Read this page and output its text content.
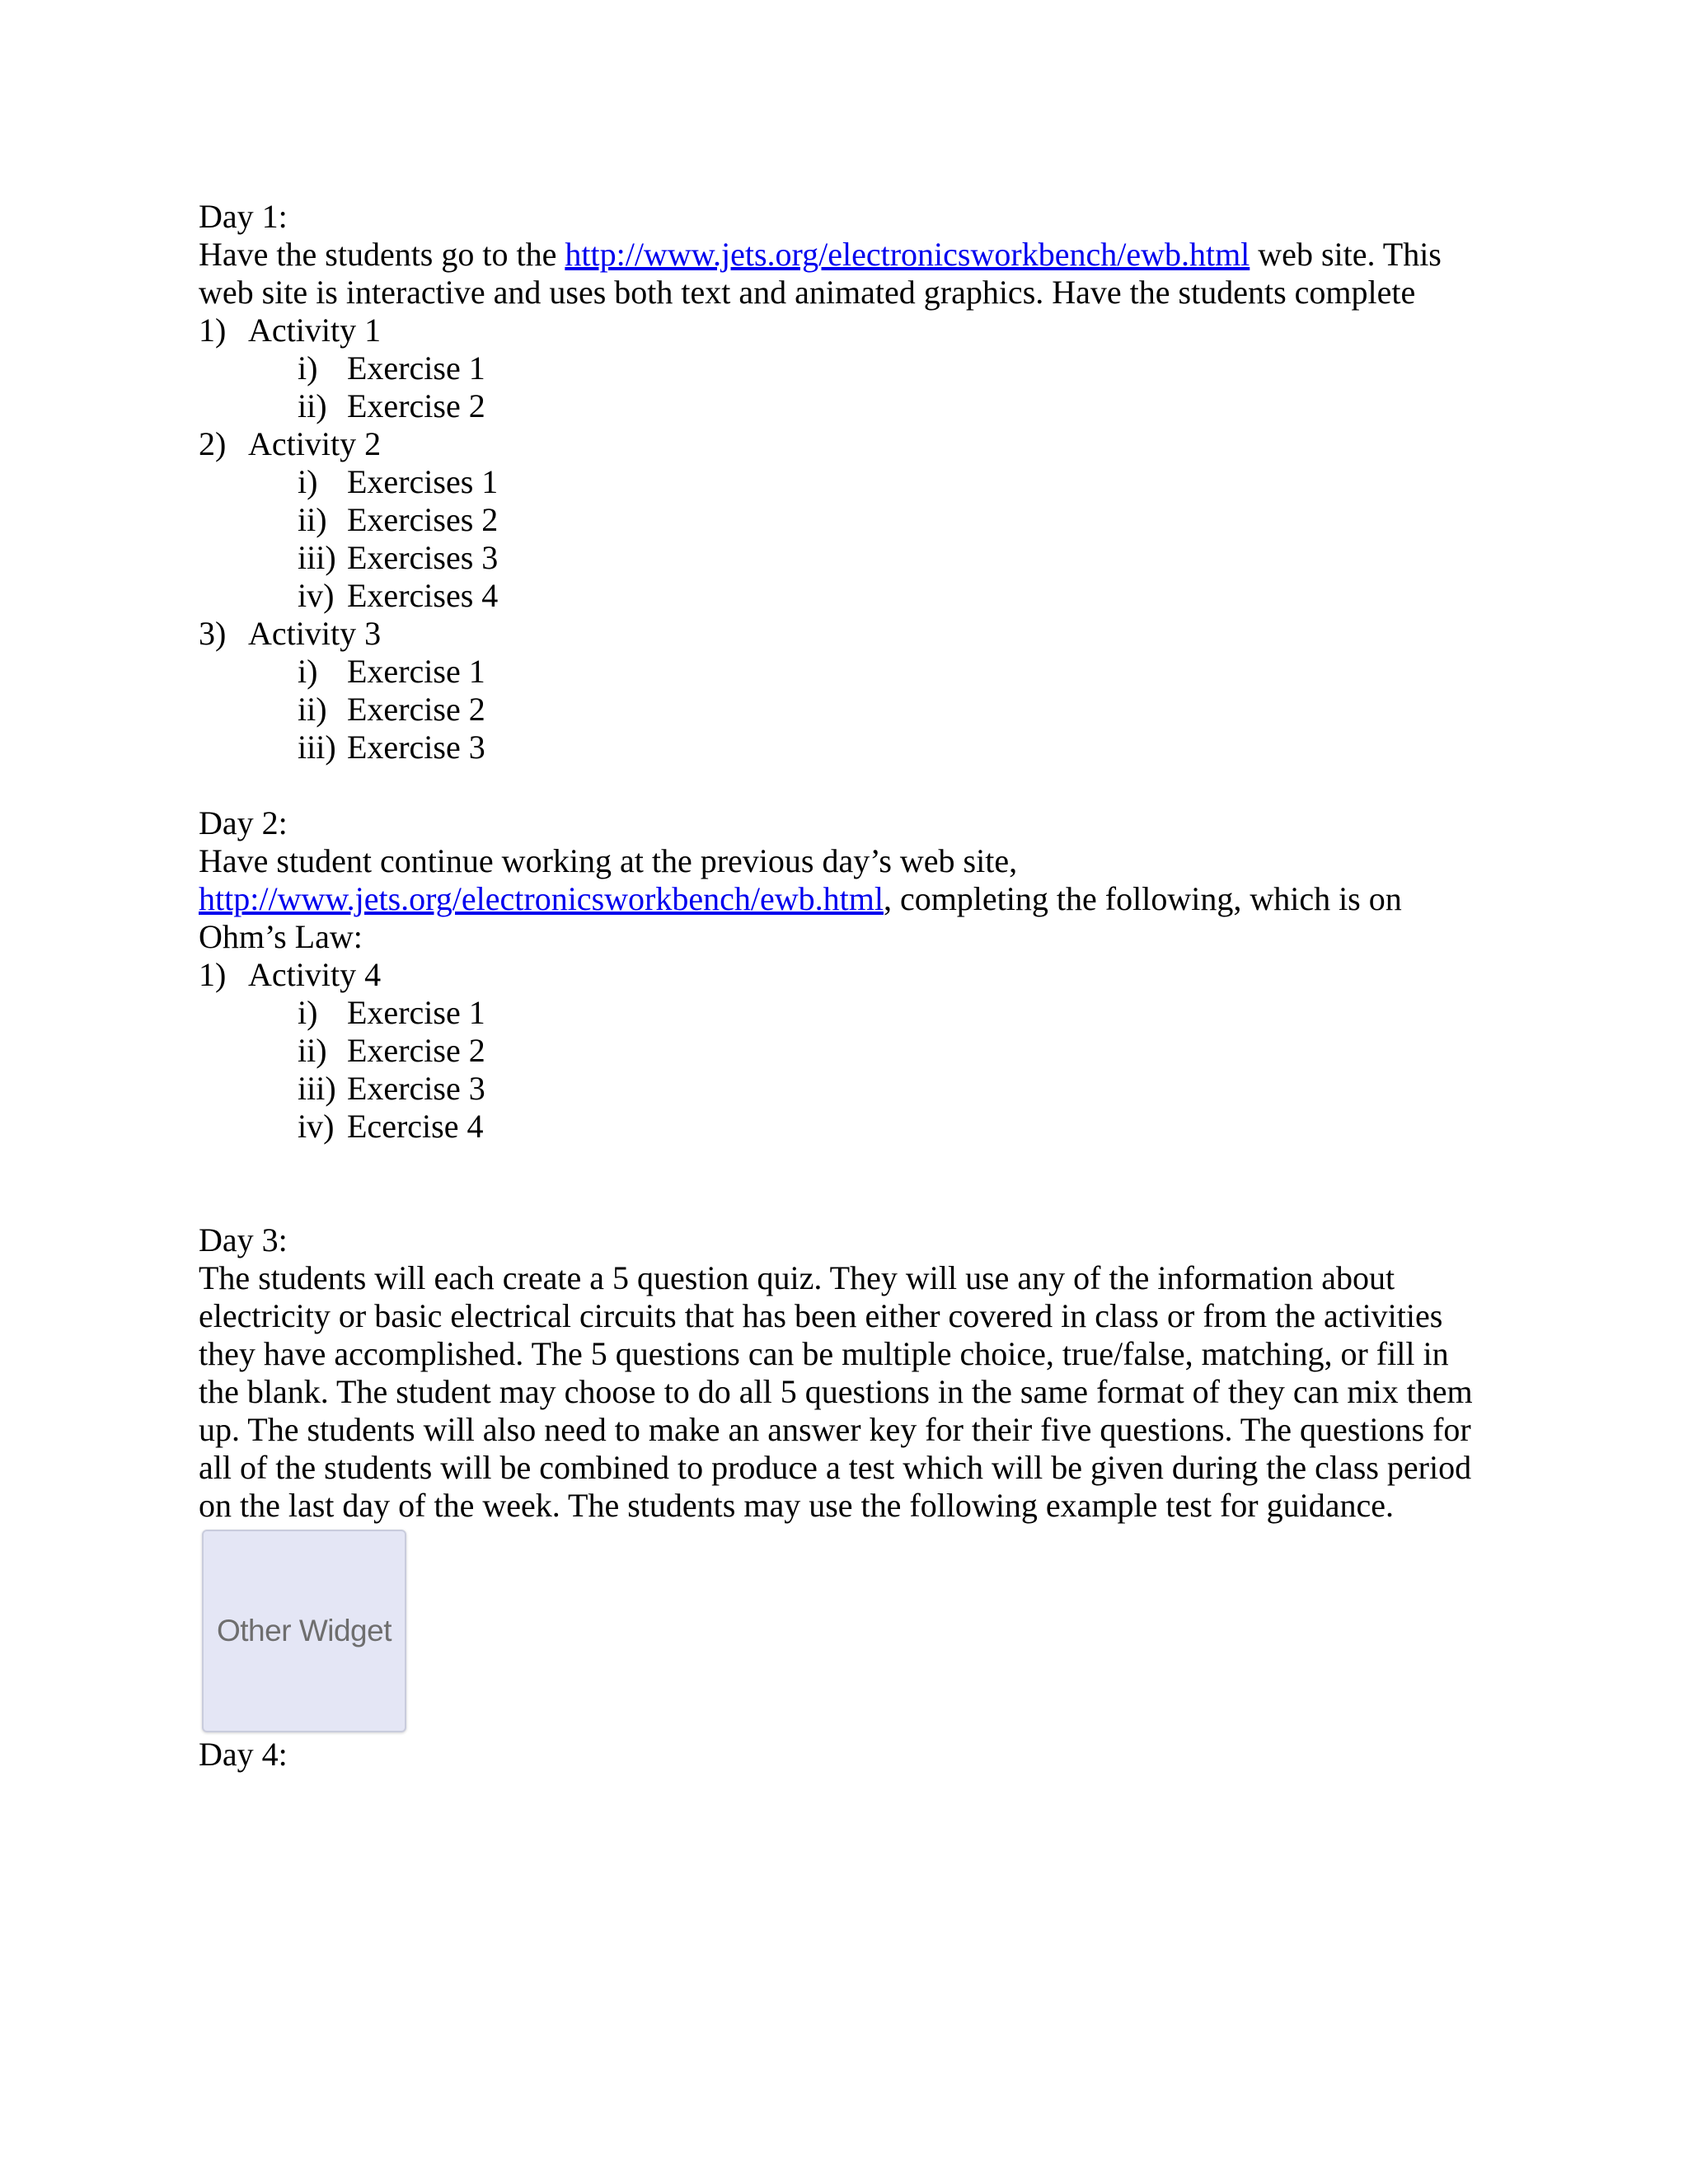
Day 1:
Have the students go to the http://www.jets.org/electronicsworkbench/ewb.html web site. This
web site is interactive and uses both text and animated graphics. Have the students complete
1) Activity 1
i) Exercise 1
ii) Exercise 2
2) Activity 2
i) Exercises 1
ii) Exercises 2
iii) Exercises 3
iv) Exercises 4
3) Activity 3
i) Exercise 1
ii) Exercise 2
iii) Exercise 3
Day 2:
Have student continue working at the previous day’s web site,
http://www.jets.org/electronicsworkbench/ewb.html, completing the following, which is on
Ohm’s Law:
1) Activity 4
i) Exercise 1
ii) Exercise 2
iii) Exercise 3
iv) Ecercise 4
Day 3:
The students will each create a 5 question quiz. They will use any of the information about
electricity or basic electrical circuits that has been either covered in class or from the activities
they have accomplished. The 5 questions can be multiple choice, true/false, matching, or fill in
the blank. The student may choose to do all 5 questions in the same format of they can mix them
up. The students will also need to make an answer key for their five questions. The questions for
all of the students will be combined to produce a test which will be given during the class period
on the last day of the week. The students may use the following example test for guidance.
Other Widget
Day 4:
